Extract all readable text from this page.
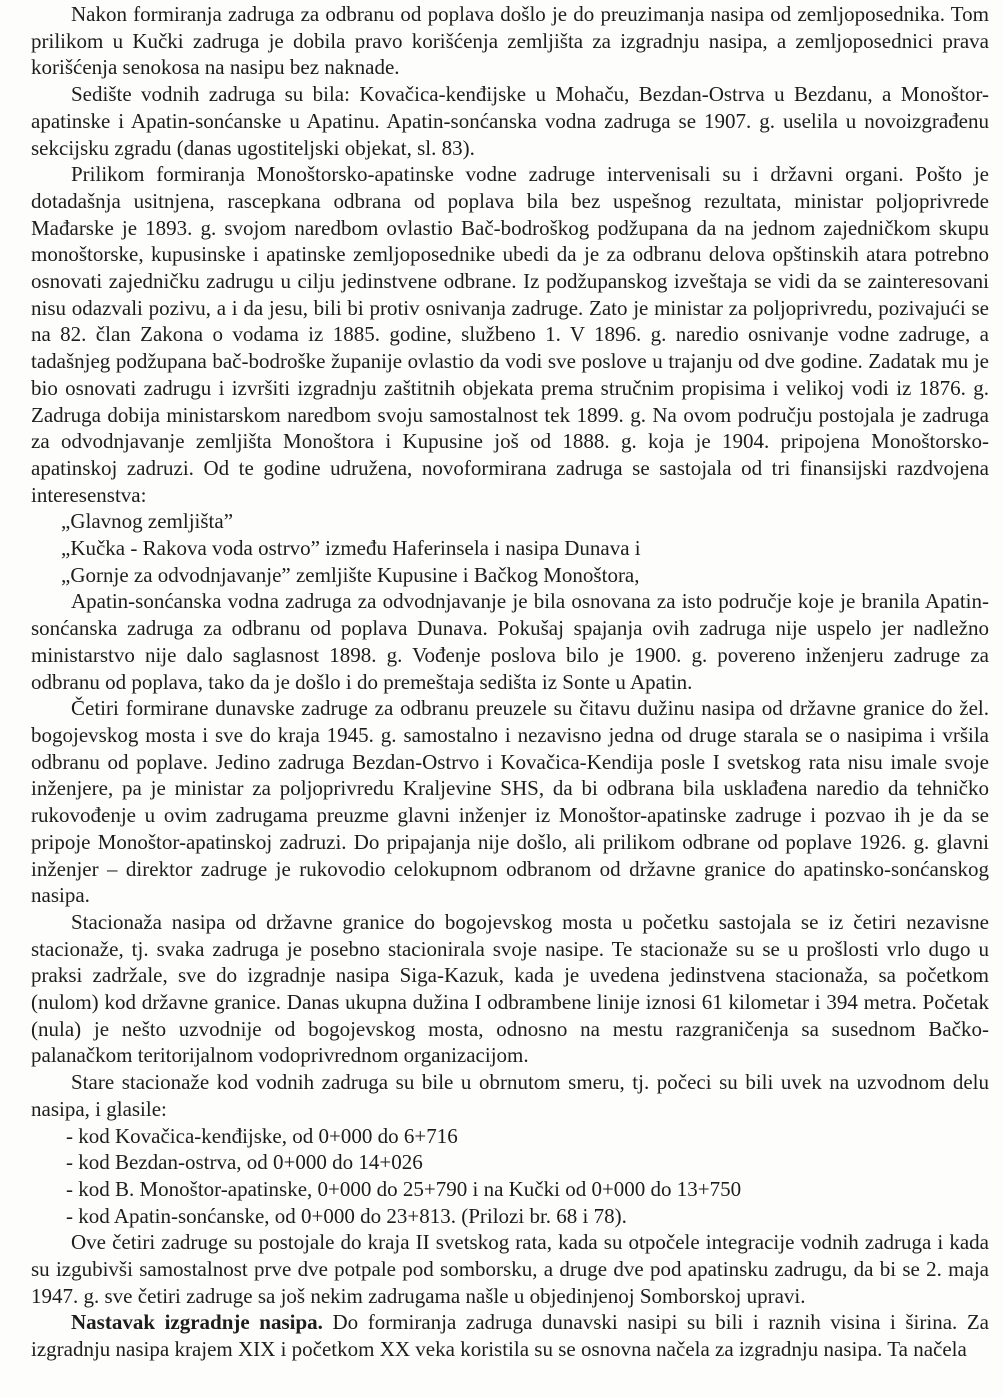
Nakon formiranja zadruga za odbranu od poplava došlo je do preuzimanja nasipa od zemljoposednika. Tom prilikom u Kučki zadruga je dobila pravo korišćenja zemljišta za izgradnju nasipa, a zemljoposednici prava korišćenja senokosa na nasipu bez naknade.

Sedište vodnih zadruga su bila: Kovačica-kenđijske u Mohaču, Bezdan-Ostrva u Bezdanu, a Monoštor-apatinske i Apatin-sonćanske u Apatinu. Apatin-sonćanska vodna zadruga se 1907. g. uselila u novoizgrađenu sekcijsku zgradu (danas ugostiteljski objekat, sl. 83).

Prilikom formiranja Monoštorsko-apatinske vodne zadruge intervenisali su i državni organi. Pošto je dotadašnja usitnjena, rascepkana odbrana od poplava bila bez uspešnog rezultata, ministar poljoprivrede Mađarske je 1893. g. svojom naredbom ovlastio Bač-bodroškog podžupana da na jednom zajedničkom skupu monoštorske, kupusinske i apatinske zemljoposednike ubedi da je za odbranu delova opštinskih atara potrebno osnovati zajedničku zadrugu u cilju jedinstvene odbrane. Iz podžupanskog izveštaja se vidi da se zainteresovani nisu odazvali pozivu, a i da jesu, bili bi protiv osnivanja zadruge. Zato je ministar za poljoprivredu, pozivajući se na 82. član Zakona o vodama iz 1885. godine, službeno 1. V 1896. g. naredio osnivanje vodne zadruge, a tadašnjeg podžupana bač-bodroške županije ovlastio da vodi sve poslove u trajanju od dve godine. Zadatak mu je bio osnovati zadrugu i izvršiti izgradnju zaštitnih objekata prema stručnim propisima i velikoj vodi iz 1876. g. Zadruga dobija ministarskom naredbom svoju samostalnost tek 1899. g. Na ovom području postojala je zadruga za odvodnjavanje zemljišta Monoštora i Kupusine još od 1888. g. koja je 1904. pripojena Monoštorsko-apatinskoj zadruzi. Od te godine udružena, novoformirana zadruga se sastojala od tri finansijski razdvojena interesenstva:

„Glavnog zemljišta”

„Kučka - Rakova voda ostrvo” između Haferinsela i nasipa Dunava i

„Gornje za odvodnjavanje” zemljište Kupusine i Bačkog Monoštora,

Apatin-sonćanska vodna zadruga za odvodnjavanje je bila osnovana za isto područje koje je branila Apatin-sonćanska zadruga za odbranu od poplava Dunava. Pokušaj spajanja ovih zadruga nije uspelo jer nadležno ministarstvo nije dalo saglasnost 1898. g. Vođenje poslova bilo je 1900. g. povereno inženjeru zadruge za odbranu od poplava, tako da je došlo i do premeštaja sedišta iz Sonte u Apatin.

Četiri formirane dunavske zadruge za odbranu preuzele su čitavu dužinu nasipa od državne granice do žel. bogojevskog mosta i sve do kraja 1945. g. samostalno i nezavisno jedna od druge starala se o nasipima i vršila odbranu od poplave. Jedino zadruga Bezdan-Ostrvo i Kovačica-Kendija posle I svetskog rata nisu imale svoje inženjere, pa je ministar za poljoprivredu Kraljevine SHS, da bi odbrana bila usklađena naredio da tehničko rukovođenje u ovim zadrugama preuzme glavni inženjer iz Monoštor-apatinske zadruge i pozvao ih je da se pripoje Monoštor-apatinskoj zadruzi. Do pripajanja nije došlo, ali prilikom odbrane od poplave 1926. g. glavni inženjer – direktor zadruge je rukovodio celokupnom odbranom od državne granice do apatinsko-sonćanskog nasipa.

Stacionaža nasipa od državne granice do bogojevskog mosta u početku sastojala se iz četiri nezavisne stacionaže, tj. svaka zadruga je posebno stacionirala svoje nasipe. Te stacionaže su se u prošlosti vrlo dugo u praksi zadržale, sve do izgradnje nasipa Siga-Kazuk, kada je uvedena jedinstvena stacionaža, sa početkom (nulom) kod državne granice. Danas ukupna dužina I odbrambene linije iznosi 61 kilometar i 394 metra. Početak (nula) je nešto uzvodnije od bogojevskog mosta, odnosno na mestu razgraničenja sa susednom Bačko-palanačkom teritorijalnom vodoprivrednom organizacijom.

Stare stacionaže kod vodnih zadruga su bile u obrnutom smeru, tj. počeci su bili uvek na uzvodnom delu nasipa, i glasile:

- kod Kovačica-kenđijske, od 0+000 do 6+716

- kod Bezdan-ostrva, od 0+000 do 14+026

- kod B. Monoštor-apatinske, 0+000 do 25+790 i na Kučki od 0+000 do 13+750

- kod Apatin-sonćanske, od 0+000 do 23+813. (Prilozi br. 68 i 78).

Ove četiri zadruge su postojale do kraja II svetskog rata, kada su otpočele integracije vodnih zadruga i kada su izgubivši samostalnost prve dve potpale pod somborsku, a druge dve pod apatinsku zadrugu, da bi se 2. maja 1947. g. sve četiri zadruge sa još nekim zadrugama našle u objedinjenoj Somborskoj upravi.

Nastavak izgradnje nasipa. Do formiranja zadruga dunavski nasipi su bili i raznih visina i širina. Za izgradnju nasipa krajem XIX i početkom XX veka koristila su se osnovna načela za izgradnju nasipa. Ta načela
